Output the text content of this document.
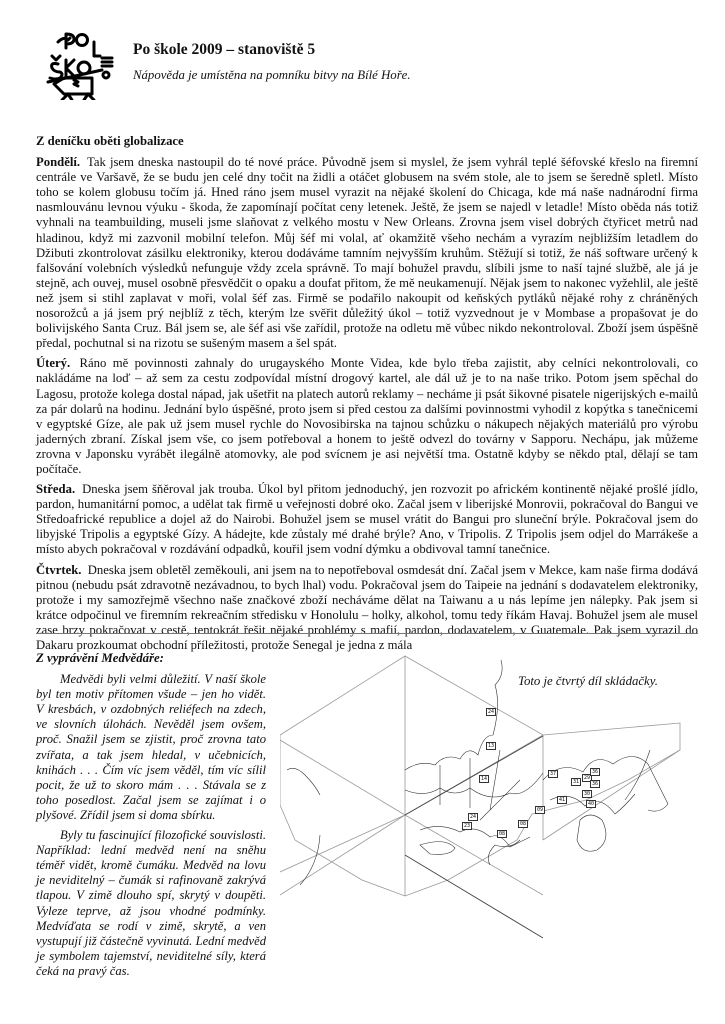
Po škole 2009 – stanoviště 5
Nápověda je umístěna na pomníku bitvy na Bílé Hoře.
Z deníčku oběti globalizace

Pondělí. Tak jsem dneska nastoupil do té nové práce. Původně jsem si myslel, že jsem vyhrál teplé šéfovské křeslo na firemní centrále ve Varšavě, že se budu jen celé dny točit na židli a otáčet globusem na svém stole, ale to jsem se šeredně spletl. Místo toho se kolem globusu točím já. Hned ráno jsem musel vyrazit na nějaké školení do Chicaga, kde má naše nadnárodní firma nasmlouvánu levnou výuku - škoda, že zapomínají počítat ceny letenek. Ještě, že jsem se najedl v letadle! Místo oběda nás totiž vyhnali na teambuilding, museli jsme slaňovat z velkého mostu v New Orleans. Zrovna jsem visel dobrých čtyřicet metrů nad hladinou, když mi zazvonil mobilní telefon. Můj šéf mi volal, ať okamžitě všeho nechám a vyrazím nejbližším letadlem do Džibuti zkontrolovat zásilku elektroniky, kterou dodáváme tamním nejvyšším kruhům. Stěžují si totiž, že náš software určený k falšování volebních výsledků nefunguje vždy zcela správně. To mají bohužel pravdu, slíbili jsme to naší tajné službě, ale já je stejně, ach ouvej, musel osobně přesvědčit o opaku a doufat přitom, že mě neukamenují. Nějak jsem to nakonec vyžehlil, ale ještě než jsem si stihl zaplavat v moři, volal šéf zas. Firmě se podařilo nakoupit od keňských pytláků nějaké rohy z chráněných nosorožců a já jsem prý nejblíž z těch, kterým lze svěřit důležitý úkol – totiž vyzvednout je v Mombase a propašovat je do bolivijského Santa Cruz. Bál jsem se, ale šéf asi vše zařídil, protože na odletu mě vůbec nikdo nekontroloval. Zboží jsem úspěšně předal, pochutnal si na rizotu se sušeným masem a šel spát.

Úterý. Ráno mě povinnosti zahnaly do urugayského Monte Videa, kde bylo třeba zajistit, aby celníci nekontrolovali, co nakládáme na loď – až sem za cestu zodpovídal místní drogový kartel, ale dál už je to na naše triko. Potom jsem spěchal do Lagosu, protože kolega dostal nápad, jak ušetřit na platech autorů reklamy – necháme ji psát šikovné pisatele nigerijských e-mailů za pár dolarů na hodinu. Jednání bylo úspěšné, proto jsem si před cestou za dalšími povinnostmi vyhodil z kopýtka s tanečnicemi v egyptské Gíze, ale pak už jsem musel rychle do Novosibirska na tajnou schůzku o nákupech nějakých materiálů pro výrobu jaderných zbraní. Získal jsem vše, co jsem potřeboval a honem to ještě odvezl do továrny v Sapporu. Nechápu, jak můžeme zrovna v Japonsku vyrábět ilegálně atomovky, ale pod svícnem je asi největší tma. Ostatně kdyby se někdo ptal, dělají se tam počítače.

Středa. Dneska jsem šňěroval jak trouba. Úkol byl přitom jednoduchý, jen rozvozit po africkém kontinentě nějaké prošlé jídlo, pardon, humanitární pomoc, a udělat tak firmě u veřejnosti dobré oko. Začal jsem v liberijské Monrovii, pokračoval do Bangui ve Středoafrické republice a dojel až do Nairobi. Bohužel jsem se musel vrátit do Bangui pro sluneční brýle. Pokračoval jsem do libyjské Tripolis a egyptské Gízy. A hádejte, kde zůstaly mé drahé brýle? Ano, v Tripolis. Z Tripolis jsem odjel do Marrákeše a místo abych pokračoval v rozdávání odpadků, kouřil jsem vodní dýmku a obdivoval tamní tanečnice.

Čtvrtek. Dneska jsem obletěl zeměkouli, ani jsem na to nepotřeboval osmdesát dní. Začal jsem v Mekce, kam naše firma dodává pitnou (nebudu psát zdravotně nezávadnou, to bych lhal) vodu. Pokračoval jsem do Taipeie na jednání s dodavatelem elektroniky, protože i my samozřejmě všechno naše značkové zboží necháváme dělat na Taiwanu a u nás lepíme jen nálepky. Pak jsem si krátce odpočinul ve firemním rekreačním středisku v Honolulu – holky, alkohol, tomu tedy říkám Havaj. Bohužel jsem ale musel zase brzy pokračovat v cestě, tentokrát řešit nějaké problémy s mafií, pardon, dodavatelem, v Guatemale. Pak jsem vyrazil do Dakaru prozkoumat obchodní příležitosti, protože Senegal je jedna z mála

Z vyprávění Medvědáře:

Medvědi byli velmi důležití. V naší škole byl ten motiv přítomen všude – jen ho vidět. V kresbách, v ozdobných reliéfech na zdech, ve slovních úlohách. Nevěděl jsem ovšem, proč. Snažil jsem se zjistit, proč zrovna tato zvířata, a tak jsem hledal, v učebnicích, knihách . . . Čím víc jsem věděl, tím víc sílil pocit, že už to skoro mám . . . Stávala se z toho posedlost. Začal jsem se zajímat i o plyšové. Zřídil jsem si doma sbírku.

Byly tu fascinující filozofické souvislosti. Například: lední medvěd není na sněhu téměř vidět, kromě čumáku. Medvěd na lovu je neviditelný – čumák si rafinovaně zakrývá tlapou. V zimě dlouho spí, skrytý v doupěti. Vyleze teprve, až jsou vhodné podmínky. Medvíďata se rodí v zimě, skrytě, a ven vystupují již částečně vyvinutá. Lední medvěd je symbolem tajemství, neviditelné síly, která čeká na pravý čas.

24
13
14
24
23	08
08
09
37
31
29
36
36
30
41
40
Toto je čtvrtý díl skládačky.
